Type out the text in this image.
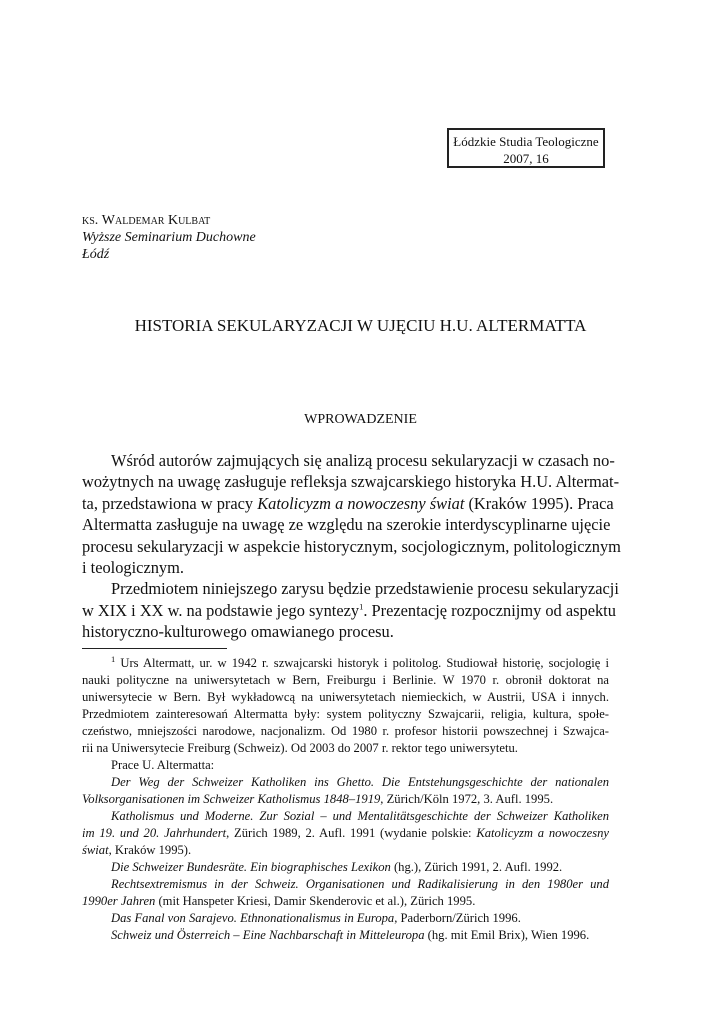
Łódzkie Studia Teologiczne
2007, 16
ks. Waldemar Kulbat
Wyższe Seminarium Duchowne
Łódź
HISTORIA SEKULARYZACJI W UJĘCIU H.U. ALTERMATTA
WPROWADZENIE
Wśród autorów zajmujących się analizą procesu sekularyzacji w czasach no-
wożytnych na uwagę zasługuje refleksja szwajcarskiego historyka H.U. Altermat-
ta, przedstawiona w pracy Katolicyzm a nowoczesny świat (Kraków 1995). Praca
Altermatta zasługuje na uwagę ze względu na szerokie interdyscyplinarne ujęcie
procesu sekularyzacji w aspekcie historycznym, socjologicznym, politologicznym
i teologicznym.
Przedmiotem niniejszego zarysu będzie przedstawienie procesu sekularyzacji
w XIX i XX w. na podstawie jego syntezy$^1$. Prezentację rozpocznijmy od aspektu
historyczno-kulturowego omawianego procesu.
$^1$ Urs Altermatt, ur. w 1942 r. szwajcarski historyk i politolog. Studiował historię, socjologię i
nauki polityczne na uniwersytetach w Bern, Freiburgu i Berlinie. W 1970 r. obronił doktorat na
uniwersytecie w Bern. Był wykładowcą na uniwersytetach niemieckich, w Austrii, USA i innych.
Przedmiotem zainteresowań Altermatta były: system polityczny Szwajcarii, religia, kultura, społe-
czeństwo, mniejszości narodowe, nacjonalizm. Od 1980 r. profesor historii powszechnej i Szwajca-
rii na Uniwersytecie Freiburg (Schweiz). Od 2003 do 2007 r. rektor tego uniwersytetu.
Prace U. Altermatta:
Der Weg der Schweizer Katholiken ins Ghetto. Die Entstehungsgeschichte der nationalen
Volksorganisationen im Schweizer Katholismus 1848–1919, Zürich/Köln 1972, 3. Aufl. 1995.
Katholismus und Moderne. Zur Sozial – und Mentalitätsgeschichte der Schweizer Katholiken
im 19. und 20. Jahrhundert, Zürich 1989, 2. Aufl. 1991 (wydanie polskie: Katolicyzm a nowoczesny
świat, Kraków 1995).
Die Schweizer Bundesräte. Ein biographisches Lexikon (hg.), Zürich 1991, 2. Aufl. 1992.
Rechtsextremismus in der Schweiz. Organisationen und Radikalisierung in den 1980er und
1990er Jahren (mit Hanspeter Kriesi, Damir Skenderovic et al.), Zürich 1995.
Das Fanal von Sarajevo. Ethnonationalismus in Europa, Paderborn/Zürich 1996.
Schweiz und Österreich – Eine Nachbarschaft in Mitteleuropa (hg. mit Emil Brix), Wien 1996.
